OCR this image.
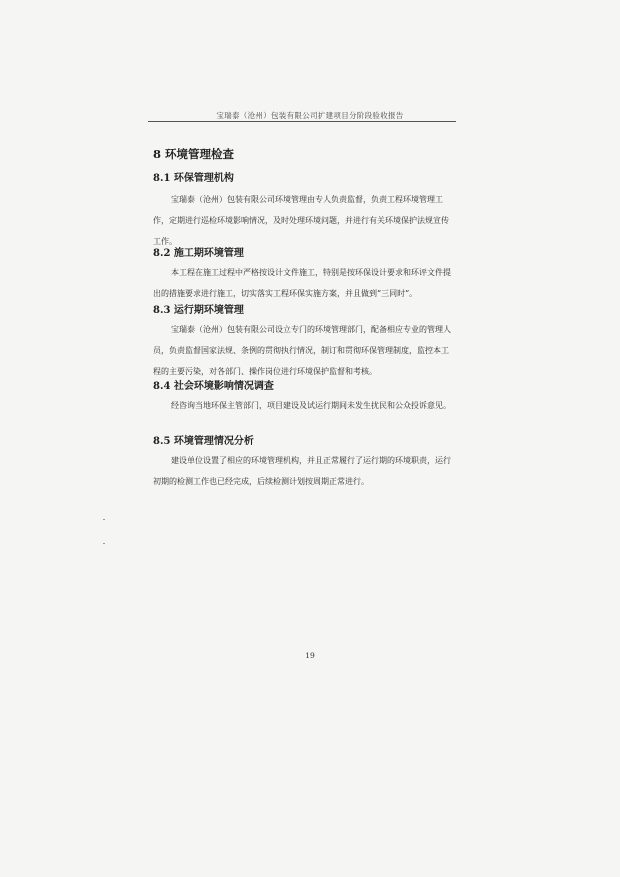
宝瑞泰（沧州）包装有限公司扩建项目分阶段验收报告
8 环境管理检查
8.1 环保管理机构
宝瑞泰（沧州）包装有限公司环境管理由专人负责监督，负责工程环境管理工作，定期进行巡检环境影响情况，及时处理环境问题，并进行有关环境保护法规宣传工作。
8.2 施工期环境管理
本工程在施工过程中严格按设计文件施工，特别是按环保设计要求和环评文件提出的措施要求进行施工，切实落实工程环保实施方案，并且做到“三同时”。
8.3 运行期环境管理
宝瑞泰（沧州）包装有限公司设立专门的环境管理部门，配备相应专业的管理人员，负责监督国家法规、条例的贯彻执行情况，制订和贯彻环保管理制度，监控本工程的主要污染，对各部门、操作岗位进行环境保护监督和考核。
8.4 社会环境影响情况调查
经咨询当地环保主管部门，项目建设及试运行期间未发生扰民和公众投诉意见。
8.5 环境管理情况分析
建设单位设置了相应的环境管理机构，并且正常履行了运行期的环境职责，运行初期的检测工作也已经完成，后续检测计划按周期正常进行。
19
